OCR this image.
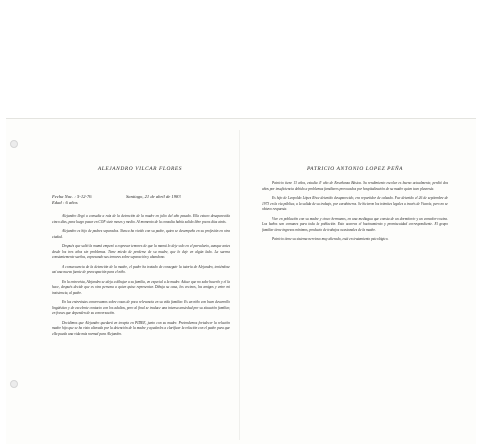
ALEJANDRO VILCAR FLORES
Fecha Nac. : 5-12-76
Edad : 6 años
Santiago, 21 de abril de 1983

Alejandro llegó a consulta a raíz de la detención de la madre en julio del año pasado. Ella estuvo desaparecida cinco días, para luego pasar en COF siete meses y medio. Al momento de la consulta había salido libre pocos días atrás.

Alejandro es hijo de padres separados. Nunca ha vivido con su padre, quien se desempeña en su profesión en otra ciudad.

Después que salió la mamá empezó a expresar temores de que la mamá lo deje solo en el parvulario, aunque antes desde los tres años sin problemas. Tiene miedo de perderse de su madre, que lo deje en algún lado. La suerna constantemente sueños, expresando sus temores sobre separación y abandono.

A consecuencia de la detención de la madre, el padre ha tratado de conseguir la tutoría de Alejandro, teniéndose así una nueva fuente de preocupación para el niño.

En la entrevista, Alejandro se aleja a dibujar a su familia, en especial a la madre. Aduce que no sabe hacerlo y el la hace, después decide que es otra persona a quien quiso representar. Dibuja su casa, los vecinos, los amigos y entre mi insistencia, al padre.

En las entrevistas conversamos sobre cosas de poca relevancia en su vida familiar. Es un niño con buen desarrollo lingüístico y de excelente contacto con los adultos, pero al final se traduce una intensa ansiedad por su situación familiar, en frases que dependen de su conversación.

Decidimos que Alejandro quedará en terapia en PIDEE, junto con su madre. Pretendemos fortalecer la relación madre hijo que se ha visto alterada por la detención de la madre y ayudarles a clarificar la relación con el padre para que ella pueda una vida más normal para Alejandro.

PATRICIO ANTONIO LOPEZ PEÑA

Patricio tiene 13 años, estudia 4º año de Enseñanza Básica. Su rendimiento escolar es bueno actualmente, perdió dos años por insuficiencia debido a problemas familiares provocados por hospitalización de su madre quien tuvo pleuresía.

Es hijo de Leopoldo López Riwe detenido desaparecido, era repartidor de calzado. Fue detenido el 26 de septiembre de 1973 en la vía pública, a la salida de su trabajo, por carabineros. Se hicieron los trámites legales a través de Vicaría, pero no se obtuvo respuesta.

Vive en población con su madre y cinco hermanos, en una mediagua que consta de un dormitorio y un comedor-cocina. Los baños son comunes para toda la población. Esto acarrea el hacinamiento y promiscuidad correspondiente. El grupo familiar tiene ingresos mínimos, producto de trabajos ocasionales de la madre.

Patricio tiene su sistema nervioso muy alterado, está en tratamiento psicológico.
